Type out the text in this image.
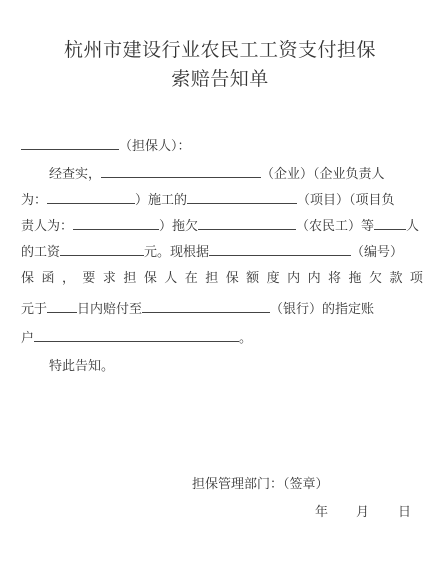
杭州市建设行业农民工工资支付担保
索赔告知单
（担保人）：
经查实，	（企业）（企业负责人
为：	）施工的	（项目）（项目负
责人为：	）拖欠	（农民工）等 人
的工资	元。现根据	（编号）
保 函 ， 要 求 担 保 人 在 担 保 额 度 内 内 将 拖 欠 款 项
元于 日内赔付至	（银行）的指定账
户	。
特此告知。
担保管理部门：（签章）
年 月 日
